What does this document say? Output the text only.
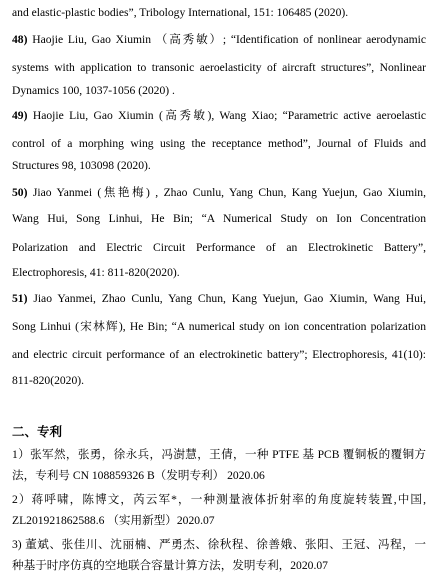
and elastic-plastic bodies”, Tribology International, 151: 106485 (2020).
48) Haojie Liu, Gao Xiumin （高秀敏）; “Identification of nonlinear aerodynamic
systems with application to transonic aeroelasticity of aircraft structures”, Nonlinear
Dynamics 100, 1037-1056 (2020) .
49) Haojie Liu, Gao Xiumin (高秀敏), Wang Xiao; “Parametric active aeroelastic
control of a morphing wing using the receptance method”, Journal of Fluids and
Structures 98, 103098 (2020).
50) Jiao Yanmei (焦艳梅) , Zhao Cunlu, Yang Chun, Kang Yuejun, Gao Xiumin,
Wang Hui, Song Linhui, He Bin; “A Numerical Study on Ion Concentration
Polarization and Electric Circuit Performance of an Electrokinetic Battery”,
Electrophoresis, 41: 811-820(2020).
51) Jiao Yanmei, Zhao Cunlu, Yang Chun, Kang Yuejun, Gao Xiumin, Wang Hui,
Song Linhui (宋林辉), He Bin; “A numerical study on ion concentration polarization
and electric circuit performance of an electrokinetic battery”; Electrophoresis, 41(10):
811-820(2020).
二、专利
1）张军然，张勇，徐永兵，冯澍慧，王倩，一种 PTFE 基 PCB 覆铜板的覆铜方
法，专利号 CN 108859326 B（发明专利） 2020.06
2）蒋呼啸，陈博文，芮云军*，一种测量液体折射率的角度旋转装置,中国,
ZL201921862588.6 （实用新型）2020.07
3) 董斌、张佳川、沈丽楠、严勇杰、徐秋程、徐善娥、张阳、王冠、冯程，一
种基于时序仿真的空地联合容量计算方法，发明专利，2020.07
